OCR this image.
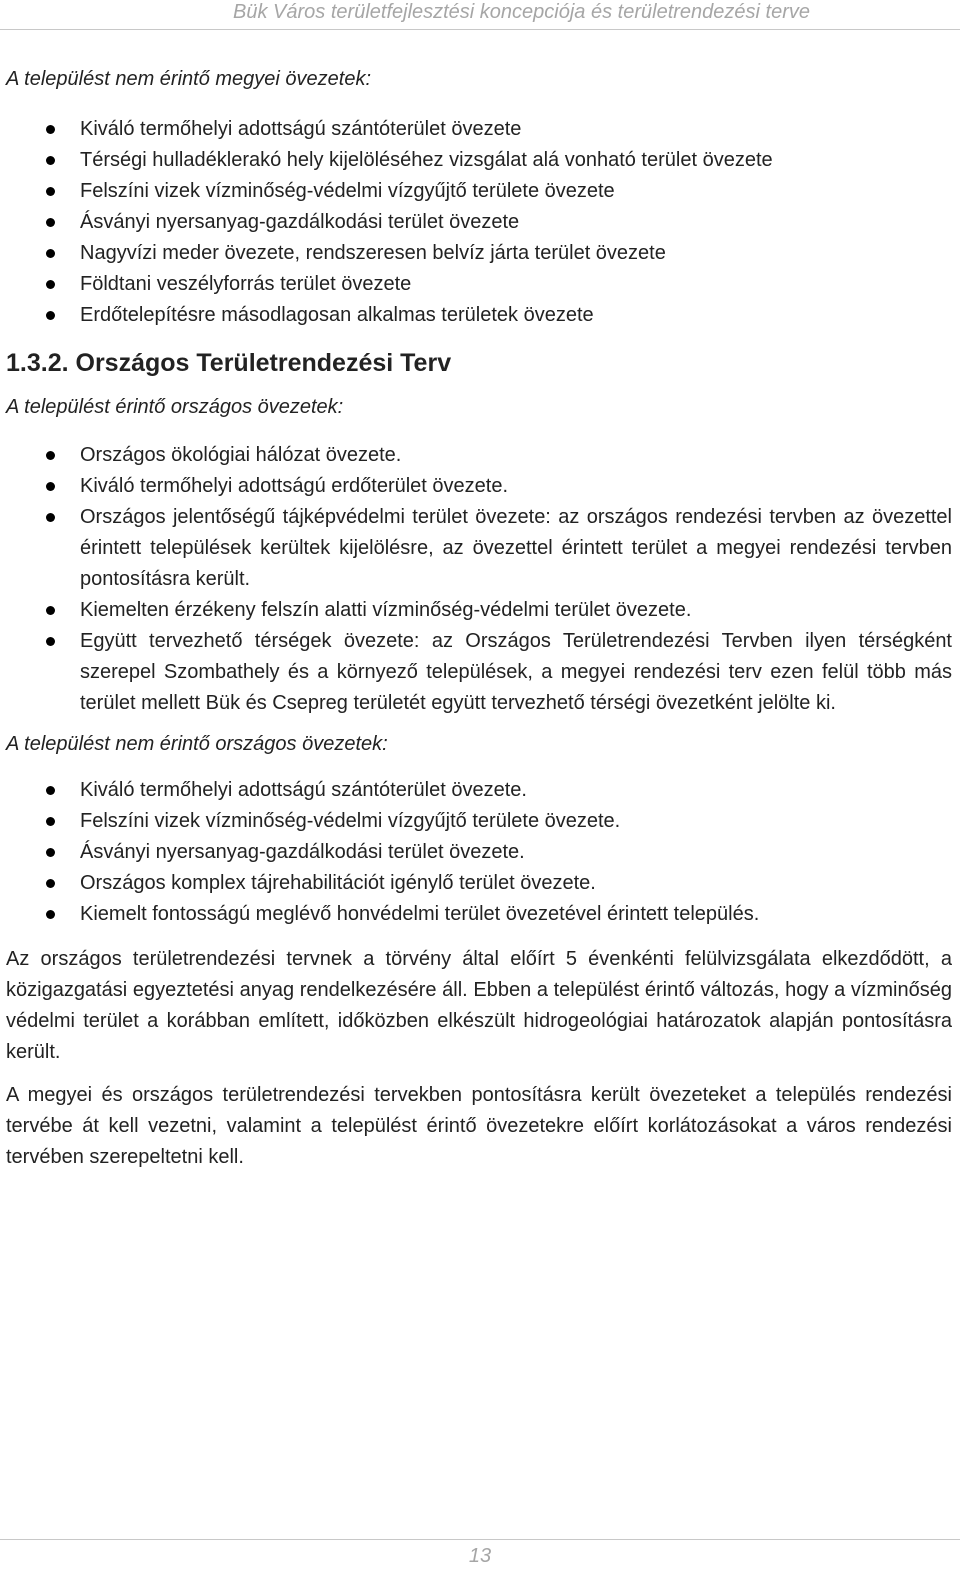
Bük Város területfejlesztési koncepciója és területrendezési terve

A települést nem érintő megyei övezetek:

Kiváló termőhelyi adottságú szántóterület övezete
Térségi hulladéklerakó hely kijelöléséhez vizsgálat alá vonható terület övezete
Felszíni vizek vízminőség-védelmi vízgyűjtő területe övezete
Ásványi nyersanyag-gazdálkodási terület övezete
Nagyvízi meder övezete, rendszeresen belvíz járta terület övezete
Földtani veszélyforrás terület övezete
Erdőtelepítésre másodlagosan alkalmas területek övezete
1.3.2. Országos Területrendezési Terv

A települést érintő országos övezetek:

Országos ökológiai hálózat övezete.
Kiváló termőhelyi adottságú erdőterület övezete.
Országos jelentőségű tájképvédelmi terület övezete: az országos rendezési tervben az övezettel érintett települések kerültek kijelölésre, az övezettel érintett terület a megyei rendezési tervben pontosításra került.
Kiemelten érzékeny felszín alatti vízminőség-védelmi terület övezete.
Együtt tervezhető térségek övezete: az Országos Területrendezési Tervben ilyen térségként szerepel Szombathely és a környező települések, a megyei rendezési terv ezen felül több más terület mellett Bük és Csepreg területét együtt tervezhető térségi övezetként jelölte ki.

A települést nem érintő országos övezetek:

Kiváló termőhelyi adottságú szántóterület övezete.
Felszíni vizek vízminőség-védelmi vízgyűjtő területe övezete.
Ásványi nyersanyag-gazdálkodási terület övezete.
Országos komplex tájrehabilitációt igénylő terület övezete.
Kiemelt fontosságú meglévő honvédelmi terület övezetével érintett település.

Az országos területrendezési tervnek a törvény által előírt 5 évenkénti felülvizsgálata elkezdődött, a közigazgatási egyeztetési anyag rendelkezésére áll. Ebben a települést érintő változás, hogy a vízminőség védelmi terület a korábban említett, időközben elkészült hidrogeológiai határozatok alapján pontosításra került.

A megyei és országos területrendezési tervekben pontosításra került övezeteket a település rendezési tervébe át kell vezetni, valamint a települést érintő övezetekre előírt korlátozásokat a város rendezési tervében szerepeltetni kell.

13
